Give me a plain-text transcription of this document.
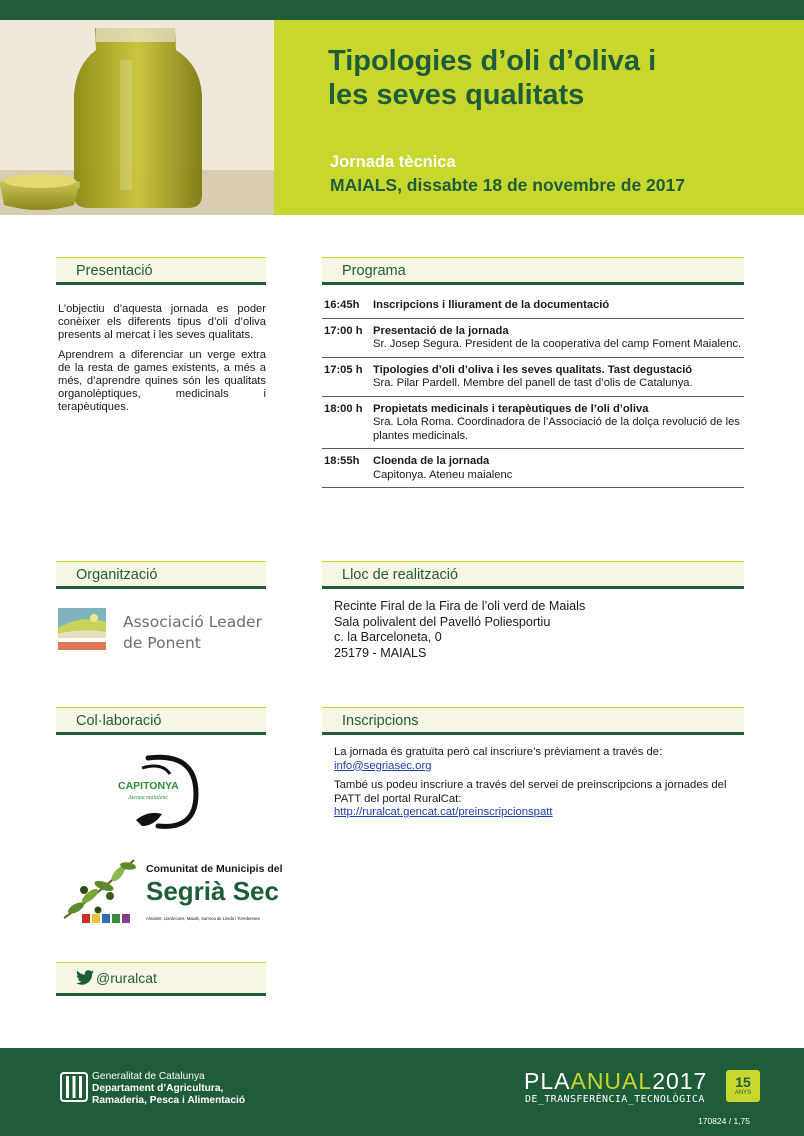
Tipologies d’oli d’oliva i
les seves qualitats
Jornada tècnica
MAIALS, dissabte 18 de novembre de 2017
Presentació

L’objectiu d’aquesta jornada es poder conèixer els diferents tipus d’oli d’oliva presents al mercat i les seves qualitats.

Aprendrem a diferenciar un verge extra de la resta de games existents, a més a més, d’aprendre quines són les qualitats organolèptiques, medicinals i terapèutiques.

Programa
16:45h	Inscripcions i lliurament de la documentació
17:00 h Presentació de la jornada
Sr. Josep Segura. President de la cooperativa del camp Foment Maialenc.
17:05 h Tipologies d’oli d’oliva i les seves qualitats. Tast degustació
Sra. Pilar Pardell. Membre del panell de tast d’olis de Catalunya.
18:00 h Propietats medicinals i terapèutiques de l’oli d’oliva
Sra. Lola Roma. Coordinadora de l’Associació de la dolça revolució de les plantes medicinals.
18:55h	Cloenda de la jornada
Capitonya. Ateneu maialenc
Organització
Associació Leader
de Ponent
Lloc de realització
Recinte Firal de la Fira de l’oli verd de Maials
Sala polivalent del Pavelló Poliesportiu
c. la Barceloneta, 0
25179 - MAIALS
Col·laboració
CAPITONYA
Ateneu maialenc
Comunitat de Municipis del
Segrià Sec
Almatret, Llardecans, Maials, Sarroca de Lleida i Torrebesses
Inscripcions

La jornada és gratuïta però cal inscriure’s prèviament a través de:
info@segriasec.org

També us podeu inscriure a través del servei de preinscripcions a jornades del PATT del portal RuralCat:
http://ruralcat.gencat.cat/preinscripcionspatt

@ruralcat
Generalitat de Catalunya
Departament d’Agricultura,
Ramaderia, Pesca i Alimentació
PLAANUAL2017
DE_TRANSFERÈNCIA_TECNOLÒGICA
15
ANYS
170824 / 1,75
